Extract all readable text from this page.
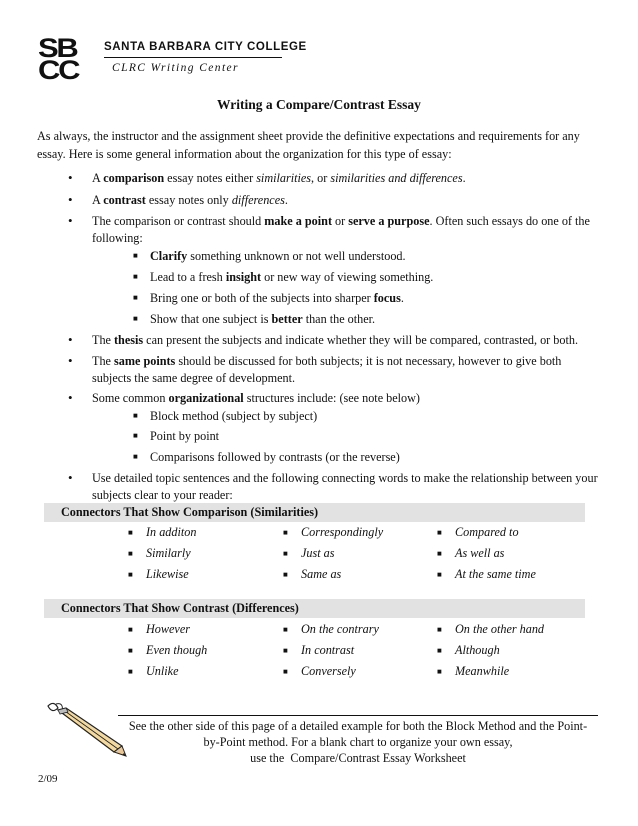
SB
CC
SANTA BARBARA CITY COLLEGE
CLRC Writing Center
Writing a Compare/Contrast Essay
As always, the instructor and the assignment sheet provide the definitive expectations and requirements for any essay. Here is some general information about the organization for this type of essay:
• A comparison essay notes either similarities, or similarities and differences.
• A contrast essay notes only differences.
• The comparison or contrast should make a point or serve a purpose. Often such essays do one of the following:
■ Clarify something unknown or not well understood.
■ Lead to a fresh insight or new way of viewing something.
■ Bring one or both of the subjects into sharper focus.
■ Show that one subject is better than the other.
• The thesis can present the subjects and indicate whether they will be compared, contrasted, or both.
• The same points should be discussed for both subjects; it is not necessary, however to give both subjects the same degree of development.
• Some common organizational structures include: (see note below)
■ Block method (subject by subject)
■ Point by point
■ Comparisons followed by contrasts (or the reverse)
• Use detailed topic sentences and the following connecting words to make the relationship between your subjects clear to your reader:
Connectors That Show Comparison (Similarities)
■ In additon	■ Correspondingly	■ Compared to
■ Similarly	■ Just as	■ As well as
■ Likewise	■ Same as	■ At the same time
Connectors That Show Contrast (Differences)
■ However	■ On the contrary	■ On the other hand
■ Even though	■ In contrast	■ Although
■ Unlike	■ Conversely	■ Meanwhile
See the other side of this page of a detailed example for both the Block Method and the Point-
by-Point method. For a blank chart to organize your own essay,
use the  Compare/Contrast Essay Worksheet
2/09
